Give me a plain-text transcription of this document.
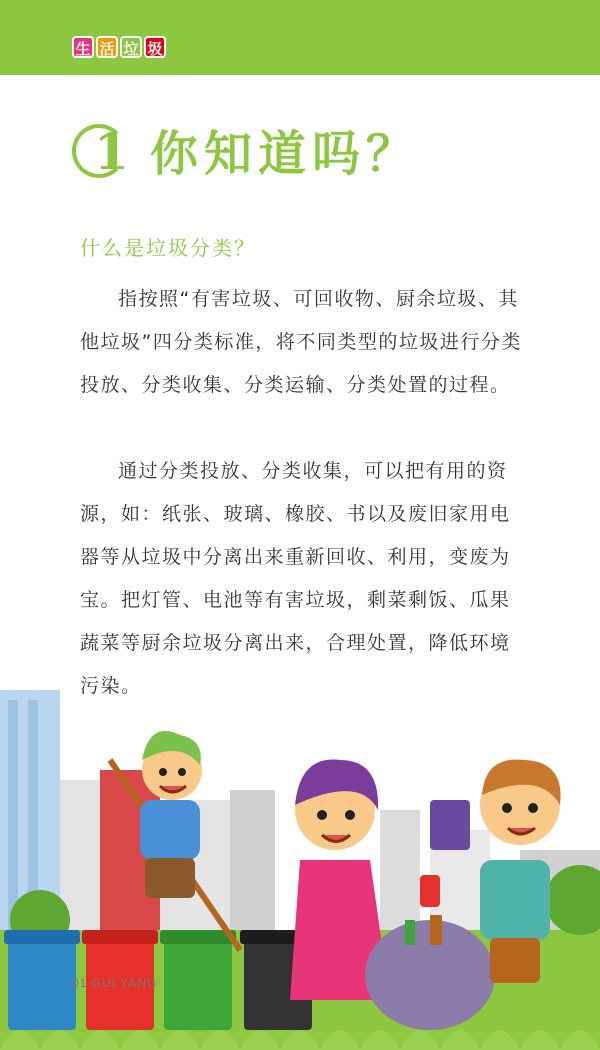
生 活 垃 圾
1 你知道吗？
什么是垃圾分类？

指按照“有害垃圾、可回收物、厨余垃圾、其他垃圾”四分类标准，将不同类型的垃圾进行分类投放、分类收集、分类运输、分类处置的过程。

通过分类投放、分类收集，可以把有用的资源，如：纸张、玻璃、橡胶、书以及废旧家用电器等从垃圾中分离出来重新回收、利用，变废为宝。把灯管、电池等有害垃圾，剩菜剩饭、瓜果蔬菜等厨余垃圾分离出来，合理处置，降低环境污染。

01 GUI YANG
